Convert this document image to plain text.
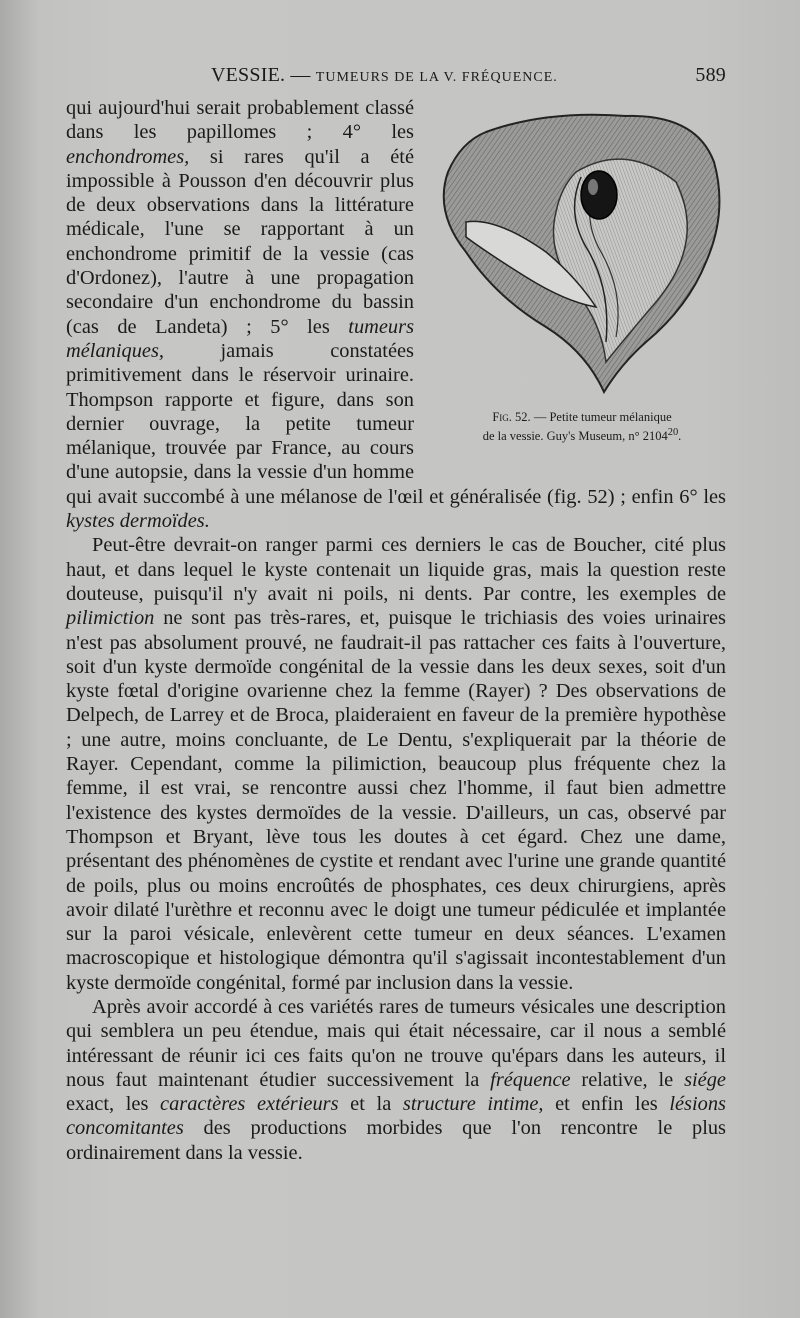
VESSIE. — TUMEURS DE LA V. FRÉQUENCE.	589
Fig. 52. — Petite tumeur mélanique
de la vessie. Guy's Museum, n° 2104$^{20}$.

qui aujourd'hui serait probablement classé dans les papillomes ; 4° les enchondromes, si rares qu'il a été impossible à Pousson d'en découvrir plus de deux observations dans la littérature médicale, l'une se rapportant à un enchondrome primitif de la vessie (cas d'Ordonez), l'autre à une propagation secondaire d'un enchondrome du bassin (cas de Landeta) ; 5° les tumeurs mélaniques, jamais constatées primitivement dans le réservoir urinaire. Thompson rapporte et figure, dans son dernier ouvrage, la petite tumeur mélanique, trouvée par France, au cours d'une autopsie, dans la vessie d'un homme qui avait succombé à une mélanose de l'œil et généralisée (fig. 52) ; enfin 6° les kystes dermoïdes.

Peut-être devrait-on ranger parmi ces derniers le cas de Boucher, cité plus haut, et dans lequel le kyste contenait un liquide gras, mais la question reste douteuse, puisqu'il n'y avait ni poils, ni dents. Par contre, les exemples de pilimiction ne sont pas très-rares, et, puisque le trichiasis des voies urinaires n'est pas absolument prouvé, ne faudrait-il pas rattacher ces faits à l'ouverture, soit d'un kyste dermoïde congénital de la vessie dans les deux sexes, soit d'un kyste fœtal d'origine ovarienne chez la femme (Rayer) ? Des observations de Delpech, de Larrey et de Broca, plaideraient en faveur de la première hypothèse ; une autre, moins concluante, de Le Dentu, s'expliquerait par la théorie de Rayer. Cependant, comme la pilimiction, beaucoup plus fréquente chez la femme, il est vrai, se rencontre aussi chez l'homme, il faut bien admettre l'existence des kystes dermoïdes de la vessie. D'ailleurs, un cas, observé par Thompson et Bryant, lève tous les doutes à cet égard. Chez une dame, présentant des phénomènes de cystite et rendant avec l'urine une grande quantité de poils, plus ou moins encroûtés de phosphates, ces deux chirurgiens, après avoir dilaté l'urèthre et reconnu avec le doigt une tumeur pédiculée et implantée sur la paroi vésicale, enlevèrent cette tumeur en deux séances. L'examen macroscopique et histologique démontra qu'il s'agissait incontestablement d'un kyste dermoïde congénital, formé par inclusion dans la vessie.

Après avoir accordé à ces variétés rares de tumeurs vésicales une description qui semblera un peu étendue, mais qui était nécessaire, car il nous a semblé intéressant de réunir ici ces faits qu'on ne trouve qu'épars dans les auteurs, il nous faut maintenant étudier successivement la fréquence relative, le siége exact, les caractères extérieurs et la structure intime, et enfin les lésions concomitantes des productions morbides que l'on rencontre le plus ordinairement dans la vessie.
